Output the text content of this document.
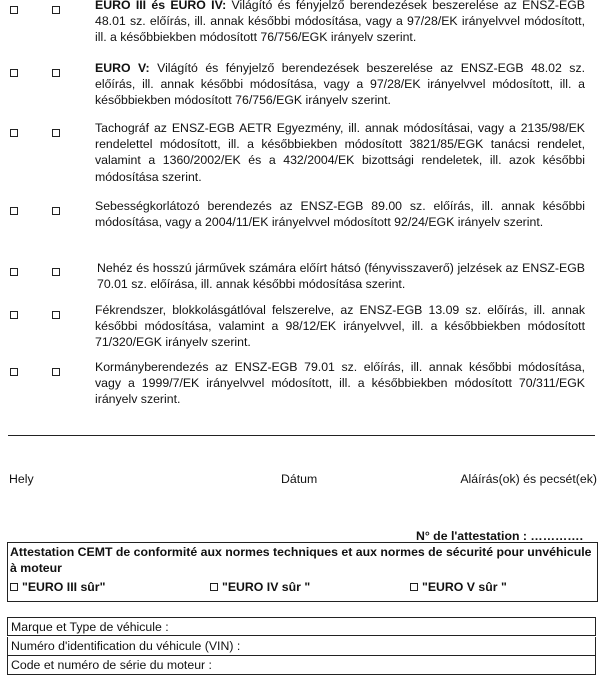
EURO III és EURO IV: Világító és fényjelző berendezések beszerelése az ENSZ-EGB 48.01 sz. előírás, ill. annak későbbi módosítása, vagy a 97/28/EK irányelvvel módosított, ill. a későbbiekben módosított 76/756/EGK irányelv szerint.
EURO V: Világító és fényjelző berendezések beszerelése az ENSZ-EGB 48.02 sz. előírás, ill. annak későbbi módosítása, vagy a 97/28/EK irányelvvel módosított, ill. a későbbiekben módosított 76/756/EGK irányelv szerint.
Tachográf az ENSZ-EGB AETR Egyezmény, ill. annak módosításai, vagy a 2135/98/EK rendelettel módosított, ill. a későbbiekben módosított 3821/85/EGK tanácsi rendelet, valamint a 1360/2002/EK és a 432/2004/EK bizottsági rendeletek, ill. azok későbbi módosítása szerint.
Sebességkorlátozó berendezés az ENSZ-EGB 89.00 sz. előírás, ill. annak későbbi módosítása, vagy a 2004/11/EK irányelvvel módosított 92/24/EGK irányelv szerint.
Nehéz és hosszú járművek számára előírt hátsó (fényvisszaverő) jelzések az ENSZ-EGB 70.01 sz. előírása, ill. annak későbbi módosítása szerint.
Fékrendszer, blokkolásgátlóval felszerelve, az ENSZ-EGB 13.09 sz. előírás, ill. annak későbbi módosítása, valamint a 98/12/EK irányelvvel, ill. a későbbiekben módosított 71/320/EGK irányelv szerint.
Kormányberendezés az ENSZ-EGB 79.01 sz. előírás, ill. annak későbbi módosítása, vagy a 1999/7/EK irányelvvel módosított, ill. a későbbiekben módosított 70/311/EGK irányelv szerint.
Hely	Dátum	Aláírás(ok) és pecsét(ek)
N° de l'attestation : ………….
Attestation CEMT de conformité aux normes techniques et aux normes de sécurité pour unvéhicule à moteur
"EURO III sûr"	"EURO IV sûr "	"EURO V sûr "
Marque et Type de véhicule :
Numéro d'identification du véhicule (VIN) :
Code et numéro de série du moteur :
